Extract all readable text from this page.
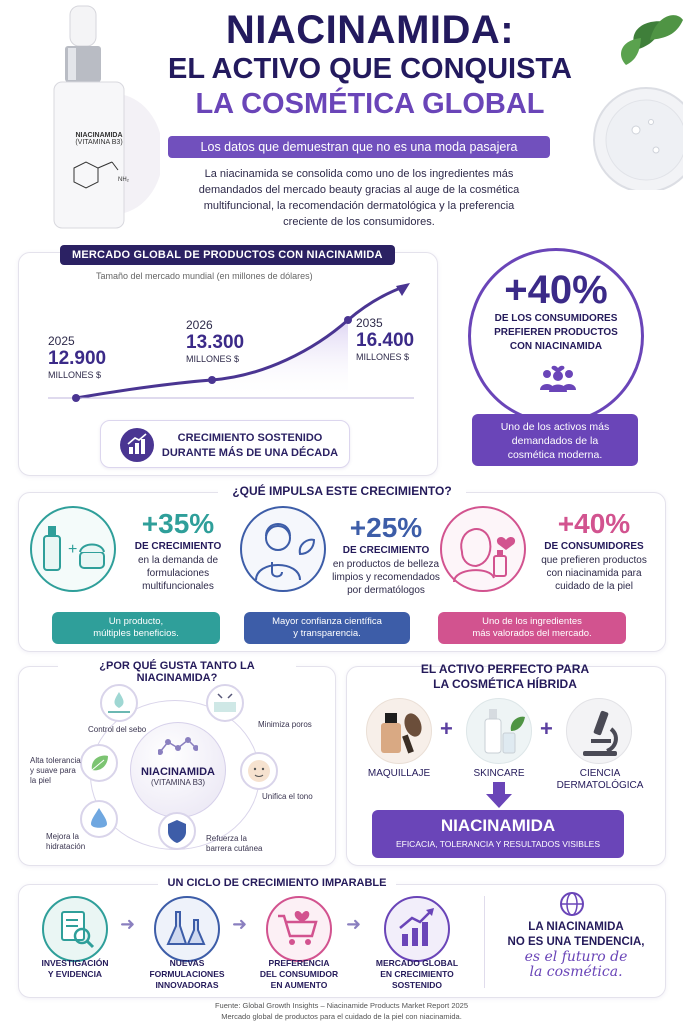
NIACINAMIDA
(VITAMINA B3)
NH₂
NIACINAMIDA:
EL ACTIVO QUE CONQUISTA
LA COSMÉTICA GLOBAL
Los datos que demuestran que no es una moda pasajera
La niacinamida se consolida como uno de los ingredientes más
demandados del mercado beauty gracias al auge de la cosmética
multifuncional, la recomendación dermatológica y la preferencia
creciente de los consumidores.
MERCADO GLOBAL DE PRODUCTOS CON NIACINAMIDA
Tamaño del mercado mundial (en millones de dólares)
2025
12.900
MILLONES $
2026
13.300
MILLONES $
2035
16.400
MILLONES $
CRECIMIENTO SOSTENIDO
DURANTE MÁS DE UNA DÉCADA
+40%
DE LOS CONSUMIDORES
PREFIEREN PRODUCTOS
CON NIACINAMIDA
Uno de los activos más
demandados de la
cosmética moderna.
¿QUÉ IMPULSA ESTE CRECIMIENTO?
+
+35%
DE CRECIMIENTO
en la demanda de
formulaciones
multifuncionales
Un producto,
múltiples beneficios.
+25%
DE CRECIMIENTO
en productos de belleza
limpios y recomendados
por dermatólogos
Mayor confianza científica
y transparencia.
+40%
DE CONSUMIDORES
que prefieren productos
con niacinamida para
cuidado de la piel
Uno de los ingredientes
más valorados del mercado.
¿POR QUÉ GUSTA TANTO LA NIACINAMIDA?
NIACINAMIDA
(VITAMINA B3)
Control del sebo
Minimiza poros
Alta tolerancia
y suave para
la piel
Unifica el tono
Mejora la
hidratación
Refuerza la
barrera cutánea
EL ACTIVO PERFECTO PARA
LA COSMÉTICA HÍBRIDA
MAQUILLAJE
+
SKINCARE
+
CIENCIA
DERMATOLÓGICA
NIACINAMIDA
EFICACIA, TOLERANCIA Y RESULTADOS VISIBLES
UN CICLO DE CRECIMIENTO IMPARABLE
INVESTIGACIÓN
Y EVIDENCIA
➜
NUEVAS
FORMULACIONES
INNOVADORAS
➜
PREFERENCIA
DEL CONSUMIDOR
EN AUMENTO
➜
MERCADO GLOBAL
EN CRECIMIENTO
SOSTENIDO
LA NIACINAMIDA
NO ES UNA TENDENCIA,
es el futuro de
la cosmética.
Fuente: Global Growth Insights – Niacinamide Products Market Report 2025
Mercado global de productos para el cuidado de la piel con niacinamida.
